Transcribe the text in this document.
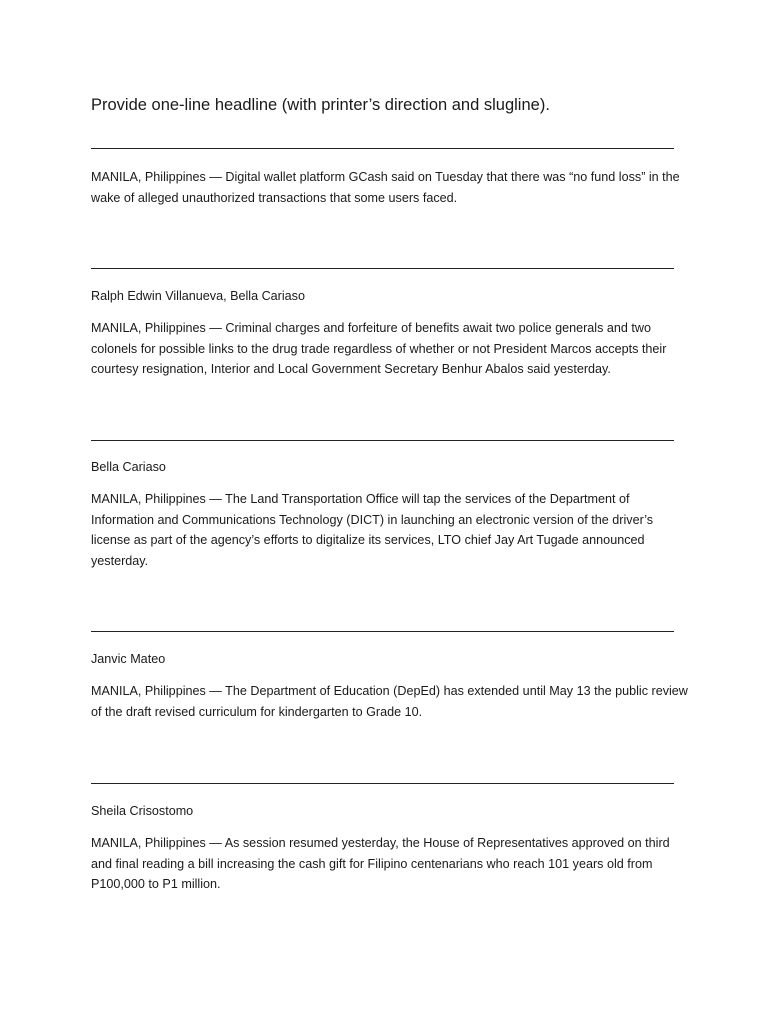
Provide one-line headline (with printer’s direction and slugline).

MANILA, Philippines — Digital wallet platform GCash said on Tuesday that there was “no fund loss” in the wake of alleged unauthorized transactions that some users faced.

Ralph Edwin Villanueva, Bella Cariaso

MANILA, Philippines — Criminal charges and forfeiture of benefits await two police generals and two colonels for possible links to the drug trade regardless of whether or not President Marcos accepts their courtesy resignation, Interior and Local Government Secretary Benhur Abalos said yesterday.

Bella Cariaso

MANILA, Philippines — The Land Transportation Office will tap the services of the Department of Information and Communications Technology (DICT) in launching an electronic version of the driver’s license as part of the agency’s efforts to digitalize its services, LTO chief Jay Art Tugade announced yesterday.

Janvic Mateo

MANILA, Philippines — The Department of Education (DepEd) has extended until May 13 the public review of the draft revised curriculum for kindergarten to Grade 10.

Sheila Crisostomo

MANILA, Philippines — As session resumed yesterday, the House of Representatives approved on third and final reading a bill increasing the cash gift for Filipino centenarians who reach 101 years old from P100,000 to P1 million.
